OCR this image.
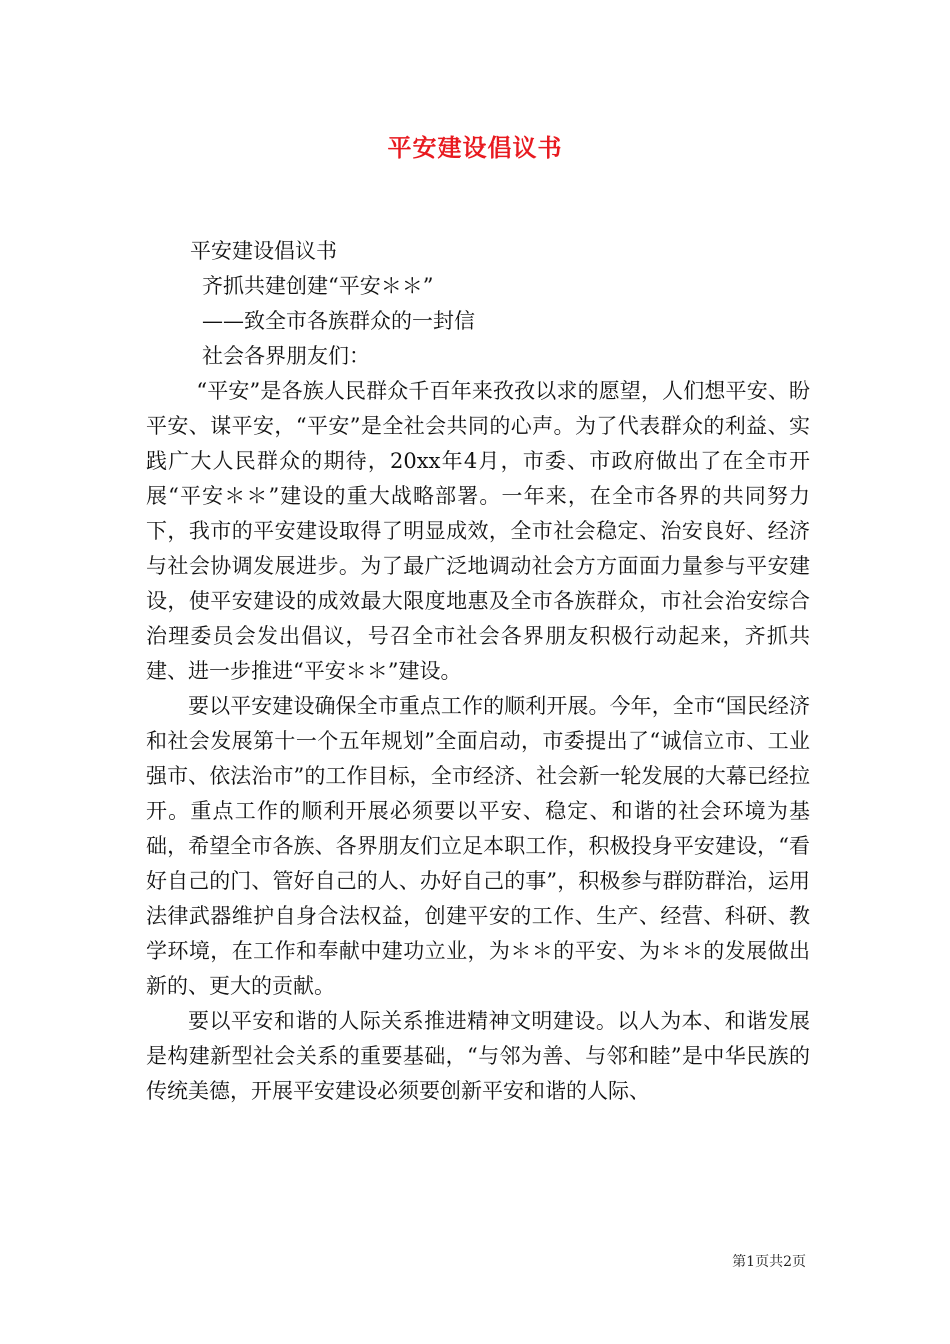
平安建设倡议书

平安建设倡议书

齐抓共建创建“平安＊＊”

——致全市各族群众的一封信

社会各界朋友们：

“平安”是各族人民群众千百年来孜孜以求的愿望，人们想平安、盼平安、谋平安，“平安”是全社会共同的心声。为了代表群众的利益、实践广大人民群众的期待，20xx年4月，市委、市政府做出了在全市开展“平安＊＊”建设的重大战略部署。一年来，在全市各界的共同努力下，我市的平安建设取得了明显成效，全市社会稳定、治安良好、经济与社会协调发展进步。为了最广泛地调动社会方方面面力量参与平安建设，使平安建设的成效最大限度地惠及全市各族群众，市社会治安综合治理委员会发出倡议，号召全市社会各界朋友积极行动起来，齐抓共建、进一步推进“平安＊＊”建设。

要以平安建设确保全市重点工作的顺利开展。今年，全市“国民经济和社会发展第十一个五年规划”全面启动，市委提出了“诚信立市、工业强市、依法治市”的工作目标，全市经济、社会新一轮发展的大幕已经拉开。重点工作的顺利开展必须要以平安、稳定、和谐的社会环境为基础，希望全市各族、各界朋友们立足本职工作，积极投身平安建设，“看好自己的门、管好自己的人、办好自己的事”，积极参与群防群治，运用法律武器维护自身合法权益，创建平安的工作、生产、经营、科研、教学环境，在工作和奉献中建功立业，为＊＊的平安、为＊＊的发展做出新的、更大的贡献。

要以平安和谐的人际关系推进精神文明建设。以人为本、和谐发展是构建新型社会关系的重要基础，“与邻为善、与邻和睦”是中华民族的传统美德，开展平安建设必须要创新平安和谐的人际、

第1页共2页
